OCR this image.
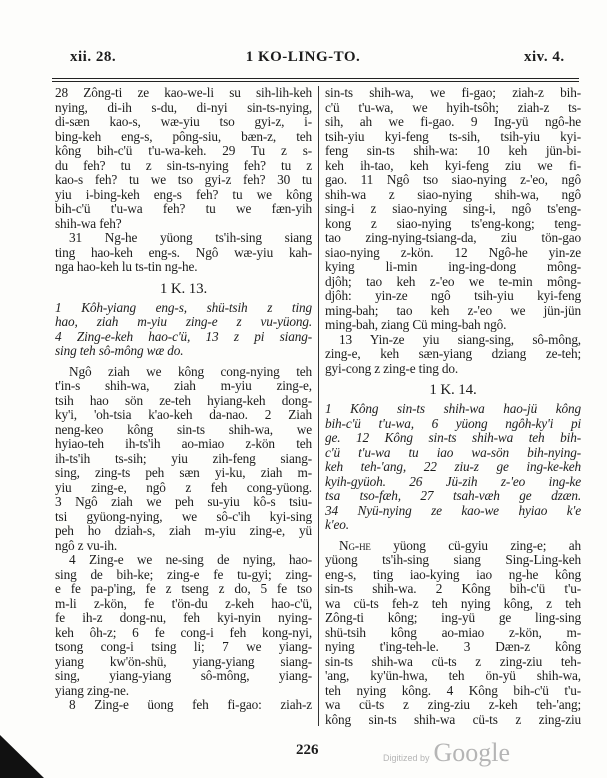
xii. 28.	1 KO-LING-TO.	xiv. 4.
28 Zông-ti ze kao-we-li su sih-lih-keh
nying, di-ih s-du, di-nyi sin-ts-nying,
di-sæn kao-s, wæ-yiu tso gyi-z, i-
bing-keh eng-s, pông-siu, bæn-z, teh
kông bih-c'ü t'u-wa-keh. 29 Tu z s-
du feh? tu z sin-ts-nying feh? tu z
kao-s feh? tu we tso gyi-z feh? 30 tu
yiu i-bing-keh eng-s feh? tu we kông
bih-c'ü t'u-wa feh? tu we fæn-yih
shih-wa feh?
31 Ng-he yüong ts'ih-sing siang
ting hao-keh eng-s. Ngô wæ-yiu kah-
nga hao-keh lu ts-tin ng-he.
1 K. 13.
1 Kôh-yiang eng-s, shü-tsih z ting
hao, ziah m-yiu zing-e z vu-yüong.
4 Zing-e-keh hao-c'ü, 13 z pi siang-
sing teh sô-mông wæ do.
Ngô ziah we kông cong-nying teh
t'in-s shih-wa, ziah m-yiu zing-e,
tsih hao sön ze-teh hyiang-keh dong-
ky'i, 'oh-tsia k'ao-keh da-nao. 2 Ziah
neng-keo kông sin-ts shih-wa, we
hyiao-teh ih-ts'ih ao-miao z-kön teh
ih-ts'ih ts-sih; yiu zih-feng siang-
sing, zing-ts peh sæn yi-ku, ziah m-
yiu zing-e, ngô z feh cong-yüong.
3 Ngô ziah we peh su-yiu kô-s tsiu-
tsi gyüong-nying, we sô-c'ih kyi-sing
peh ho dziah-s, ziah m-yiu zing-e, yü
ngô z vu-ih.
4 Zing-e we ne-sing de nying, hao-
sing de bih-ke; zing-e fe tu-gyi; zing-
e fe pa-p'ing, fe z tseng z do, 5 fe tso
m-li z-kön, fe t'ön-du z-keh hao-c'ü,
fe ih-z dong-nu, feh kyi-nyin nying-
keh ôh-z; 6 fe cong-i feh kong-nyi,
tsong cong-i tsing li; 7 we yiang-
yiang kw'ön-shü, yiang-yiang siang-
sing, yiang-yiang sô-mông, yiang-
yiang zing-ne.
8 Zing-e üong feh fi-gao: ziah-z
sin-ts shih-wa, we fi-gao; ziah-z bih-
c'ü t'u-wa, we hyih-tsôh; ziah-z ts-
sih, ah we fi-gao. 9 Ing-yü ngô-he
tsih-yiu kyi-feng ts-sih, tsih-yiu kyi-
feng sin-ts shih-wa: 10 keh jün-bi-
keh ih-tao, keh kyi-feng ziu we fi-
gao. 11 Ngô tso siao-nying z-'eo, ngô
shih-wa z siao-nying shih-wa, ngô
sing-i z siao-nying sing-i, ngô ts'eng-
kong z siao-nying ts'eng-kong; teng-
tao zing-nying-tsiang-da, ziu tön-gao
siao-nying z-kön. 12 Ngô-he yin-ze
kying li-min ing-ing-dong mông-
djôh; tao keh z-'eo we te-min mông-
djôh: yin-ze ngô tsih-yiu kyi-feng
ming-bah; tao keh z-'eo we jün-jün
ming-bah, ziang Cü ming-bah ngô.
13 Yin-ze yiu siang-sing, sô-mông,
zing-e, keh sæn-yiang dziang ze-teh;
gyi-cong z zing-e ting do.
1 K. 14.
1 Kông sin-ts shih-wa hao-jü kông
bih-c'ü t'u-wa, 6 yüong ngôh-ky'i pi
ge. 12 Kông sin-ts shih-wa teh bih-
c'ü t'u-wa tu iao wa-sön bih-nying-
keh teh-'ang, 22 ziu-z ge ing-ke-keh
kyih-gyüoh. 26 Jü-zih z-'eo ing-ke
tsa tso-fæh, 27 tsah-væh ge dzæn.
34 Nyü-nying ze kao-we hyiao k'e
k'eo.
Ng-he yüong cü-gyiu zing-e; ah
yüong ts'ih-sing siang Sing-Ling-keh
eng-s, ting iao-kying iao ng-he kông
sin-ts shih-wa. 2 Kông bih-c'ü t'u-
wa cü-ts feh-z teh nying kông, z teh
Zông-ti kông; ing-yü ge ling-sing
shü-tsih kông ao-miao z-kön, m-
nying t'ing-teh-le. 3 Dæn-z kông
sin-ts shih-wa cü-ts z zing-ziu teh-
'ang, ky'ün-hwa, teh ön-yü shih-wa,
teh nying kông. 4 Kông bih-c'ü t'u-
wa cü-ts z zing-ziu z-keh teh-'ang;
kông sin-ts shih-wa cü-ts z zing-ziu
226	Digitized by Google
